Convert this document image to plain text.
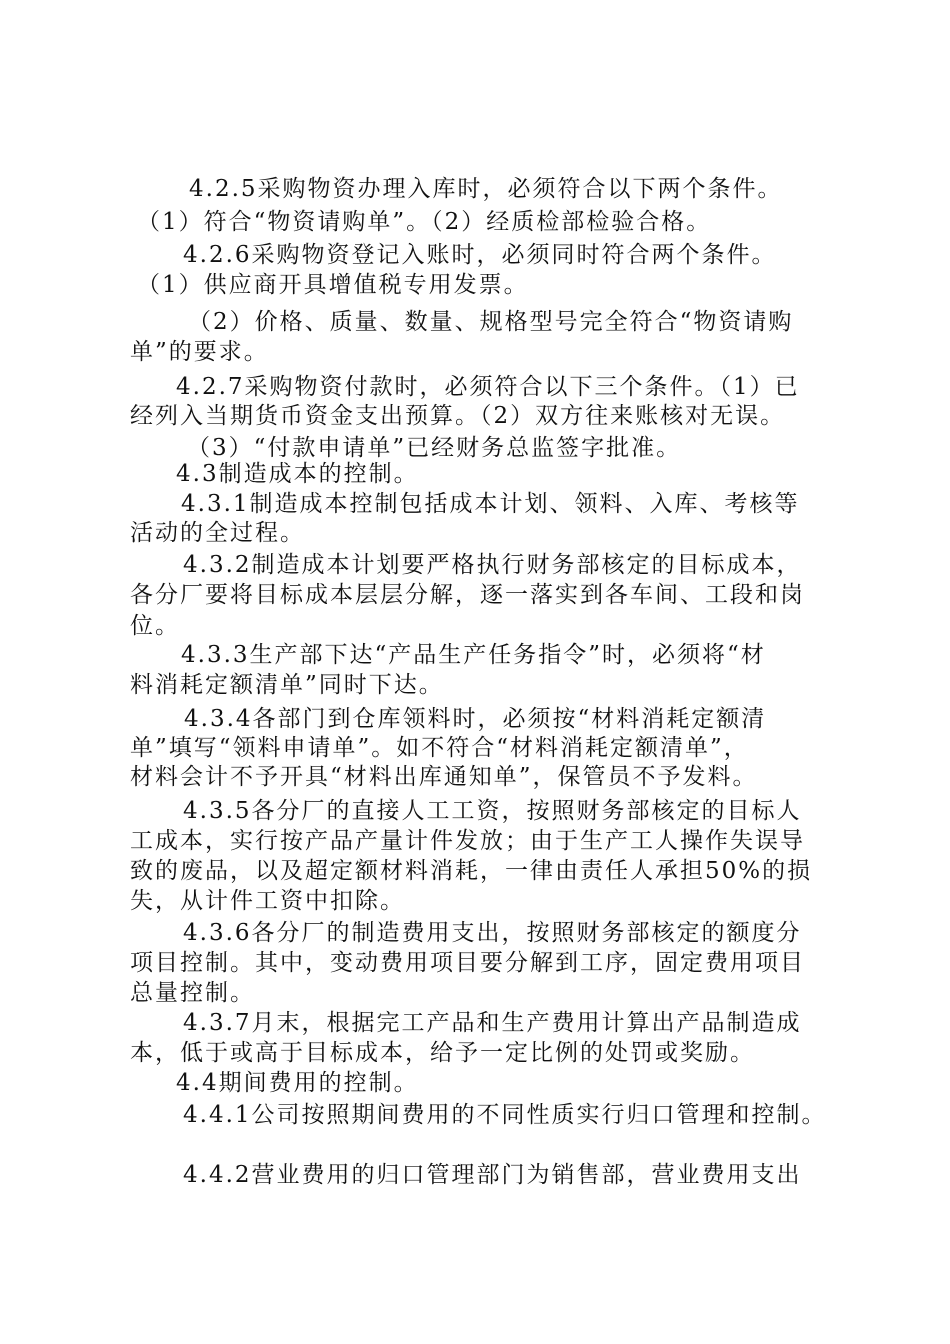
4.2.5采购物资办理入库时，必须符合以下两个条件。
（1）符合“物资请购单”。（2）经质检部检验合格。
4.2.6采购物资登记入账时，必须同时符合两个条件。
（1）供应商开具增值税专用发票。
（2）价格、质量、数量、规格型号完全符合“物资请购
单”的要求。
4.2.7采购物资付款时，必须符合以下三个条件。（1）已
经列入当期货币资金支出预算。（2）双方往来账核对无误。
（3）“付款申请单”已经财务总监签字批准。
4.3制造成本的控制。
4.3.1制造成本控制包括成本计划、领料、入库、考核等
活动的全过程。
4.3.2制造成本计划要严格执行财务部核定的目标成本，
各分厂要将目标成本层层分解，逐一落实到各车间、工段和岗
位。
4.3.3生产部下达“产品生产任务指令”时，必须将“材
料消耗定额清单”同时下达。
4.3.4各部门到仓库领料时，必须按“材料消耗定额清
单”填写“领料申请单”。如不符合“材料消耗定额清单”，
材料会计不予开具“材料出库通知单”，保管员不予发料。
4.3.5各分厂的直接人工工资，按照财务部核定的目标人
工成本，实行按产品产量计件发放；由于生产工人操作失误导
致的废品，以及超定额材料消耗，一律由责任人承担50%的损
失，从计件工资中扣除。
4.3.6各分厂的制造费用支出，按照财务部核定的额度分
项目控制。其中，变动费用项目要分解到工序，固定费用项目
总量控制。
4.3.7月末，根据完工产品和生产费用计算出产品制造成
本，低于或高于目标成本，给予一定比例的处罚或奖励。
4.4期间费用的控制。
4.4.1公司按照期间费用的不同性质实行归口管理和控制。
4.4.2营业费用的归口管理部门为销售部，营业费用支出
